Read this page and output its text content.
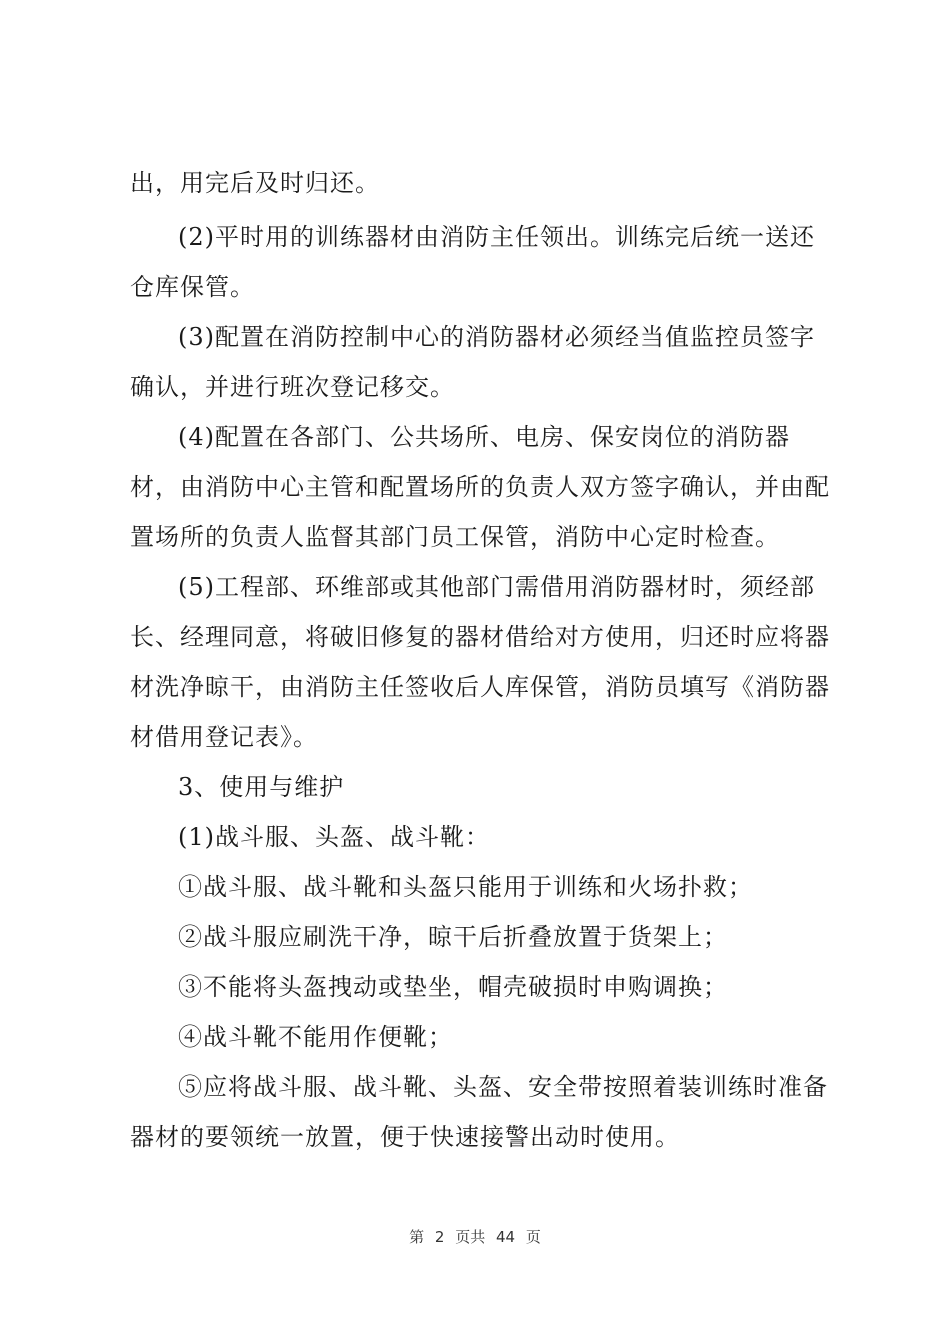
出，用完后及时归还。
(2)平时用的训练器材由消防主任领出。训练完后统一送还
仓库保管。
(3)配置在消防控制中心的消防器材必须经当值监控员签字
确认，并进行班次登记移交。
(4)配置在各部门、公共场所、电房、保安岗位的消防器
材，由消防中心主管和配置场所的负责人双方签字确认，并由配
置场所的负责人监督其部门员工保管，消防中心定时检查。
(5)工程部、环维部或其他部门需借用消防器材时，须经部
长、经理同意，将破旧修复的器材借给对方使用，归还时应将器
材洗净晾干，由消防主任签收后人库保管，消防员填写《消防器
材借用登记表》。
3、使用与维护
(1)战斗服、头盔、战斗靴：
①战斗服、战斗靴和头盔只能用于训练和火场扑救；
②战斗服应刷洗干净，晾干后折叠放置于货架上；
③不能将头盔拽动或垫坐，帽壳破损时申购调换；
④战斗靴不能用作便靴；
⑤应将战斗服、战斗靴、头盔、安全带按照着装训练时准备
器材的要领统一放置，便于快速接警出动时使用。
第 2 页共 44 页
